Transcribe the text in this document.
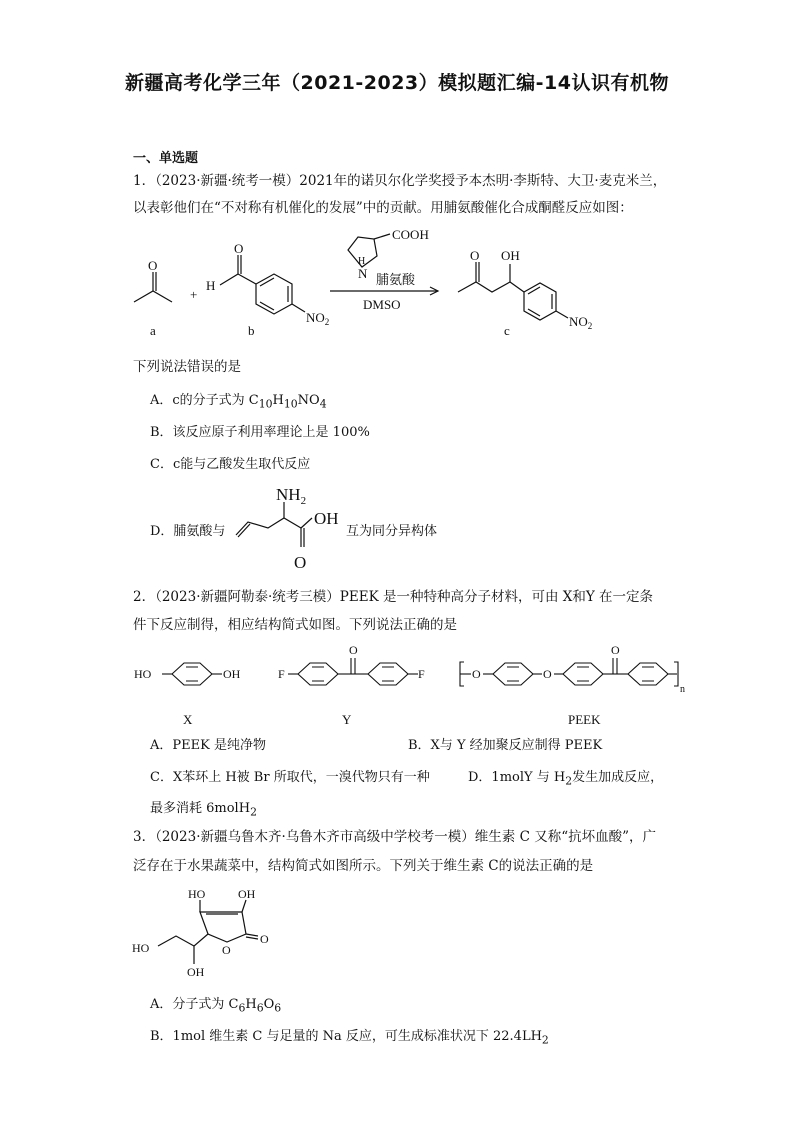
新疆高考化学三年（2021-2023）模拟题汇编-14认识有机物
一、单选题
1．（2023·新疆·统考一模）2021年的诺贝尔化学奖授予本杰明·李斯特、大卫·麦克米兰，
以表彰他们在“不对称有机催化的发展”中的贡献。用脯氨酸催化合成酮醛反应如图：
O
a
+
H
O
$NO_2$
b
COOH
N
H
脯氨酸
DMSO
O OH
$NO_2$
c
下列说法错误的是
A．c的分子式为 $C_{10}H_{10}NO_4$
B．该反应原子利用率理论上是 100%
C．c能与乙酸发生取代反应
D．脯氨酸与
$NH_2$
OH
O
互为同分异构体
2．（2023·新疆阿勒泰·统考三模）PEEK 是一种特种高分子材料，可由 X和Y 在一定条
件下反应制得，相应结构简式如图。下列说法正确的是
HO	OH	F
O
F	O	O
O
n
X	Y	PEEK
A．PEEK 是纯净物	B．X与 Y 经加聚反应制得 PEEK
C．X苯环上 H被 Br 所取代，一溴代物只有一种	D．1molY 与 $H_2$发生加成反应，
最多消耗 6molH$_2$
3．（2023·新疆乌鲁木齐·乌鲁木齐市高级中学校考一模）维生素 C 又称“抗坏血酸”，广
泛存在于水果蔬菜中，结构简式如图所示。下列关于维生素 C的说法正确的是
HO	OH
O
O
HO
OH
A．分子式为 $C_6H_6O_6$
B．1mol 维生素 C 与足量的 Na 反应，可生成标准状况下 $22.4LH_2$
